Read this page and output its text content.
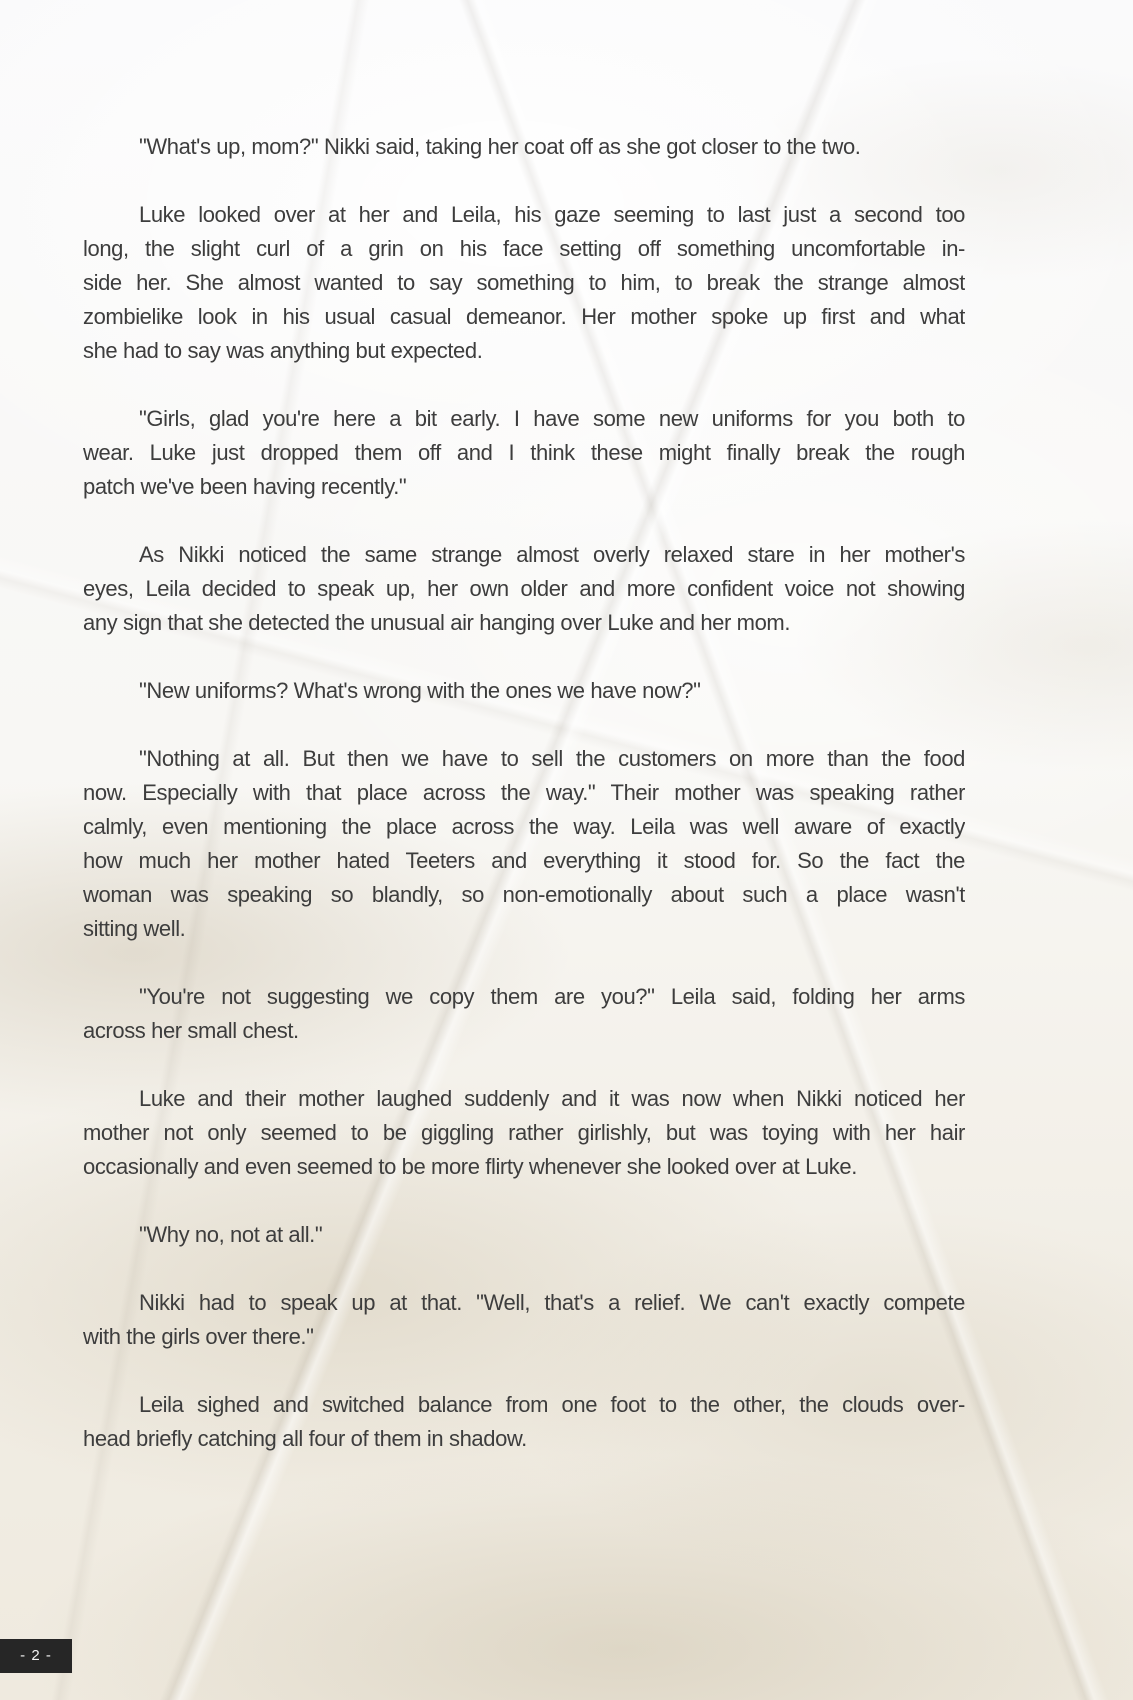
"What's up, mom?" Nikki said, taking her coat off as she got closer to the two.

Luke looked over at her and Leila, his gaze seeming to last just a second too
long, the slight curl of a grin on his face setting off something uncomfortable in-
side her. She almost wanted to say something to him, to break the strange almost
zombielike look in his usual casual demeanor. Her mother spoke up first and what
she had to say was anything but expected.

"Girls, glad you're here a bit early. I have some new uniforms for you both to
wear. Luke just dropped them off and I think these might finally break the rough
patch we've been having recently."

As Nikki noticed the same strange almost overly relaxed stare in her mother's
eyes, Leila decided to speak up, her own older and more confident voice not showing
any sign that she detected the unusual air hanging over Luke and her mom.

"New uniforms? What's wrong with the ones we have now?"

"Nothing at all. But then we have to sell the customers on more than the food
now. Especially with that place across the way." Their mother was speaking rather
calmly, even mentioning the place across the way. Leila was well aware of exactly
how much her mother hated Teeters and everything it stood for. So the fact the
woman was speaking so blandly, so non-emotionally about such a place wasn't
sitting well.

"You're not suggesting we copy them are you?" Leila said, folding her arms
across her small chest.

Luke and their mother laughed suddenly and it was now when Nikki noticed her
mother not only seemed to be giggling rather girlishly, but was toying with her hair
occasionally and even seemed to be more flirty whenever she looked over at Luke.

"Why no, not at all."

Nikki had to speak up at that. "Well, that's a relief. We can't exactly compete
with the girls over there."

Leila sighed and switched balance from one foot to the other, the clouds over-
head briefly catching all four of them in shadow.

- 2 -
